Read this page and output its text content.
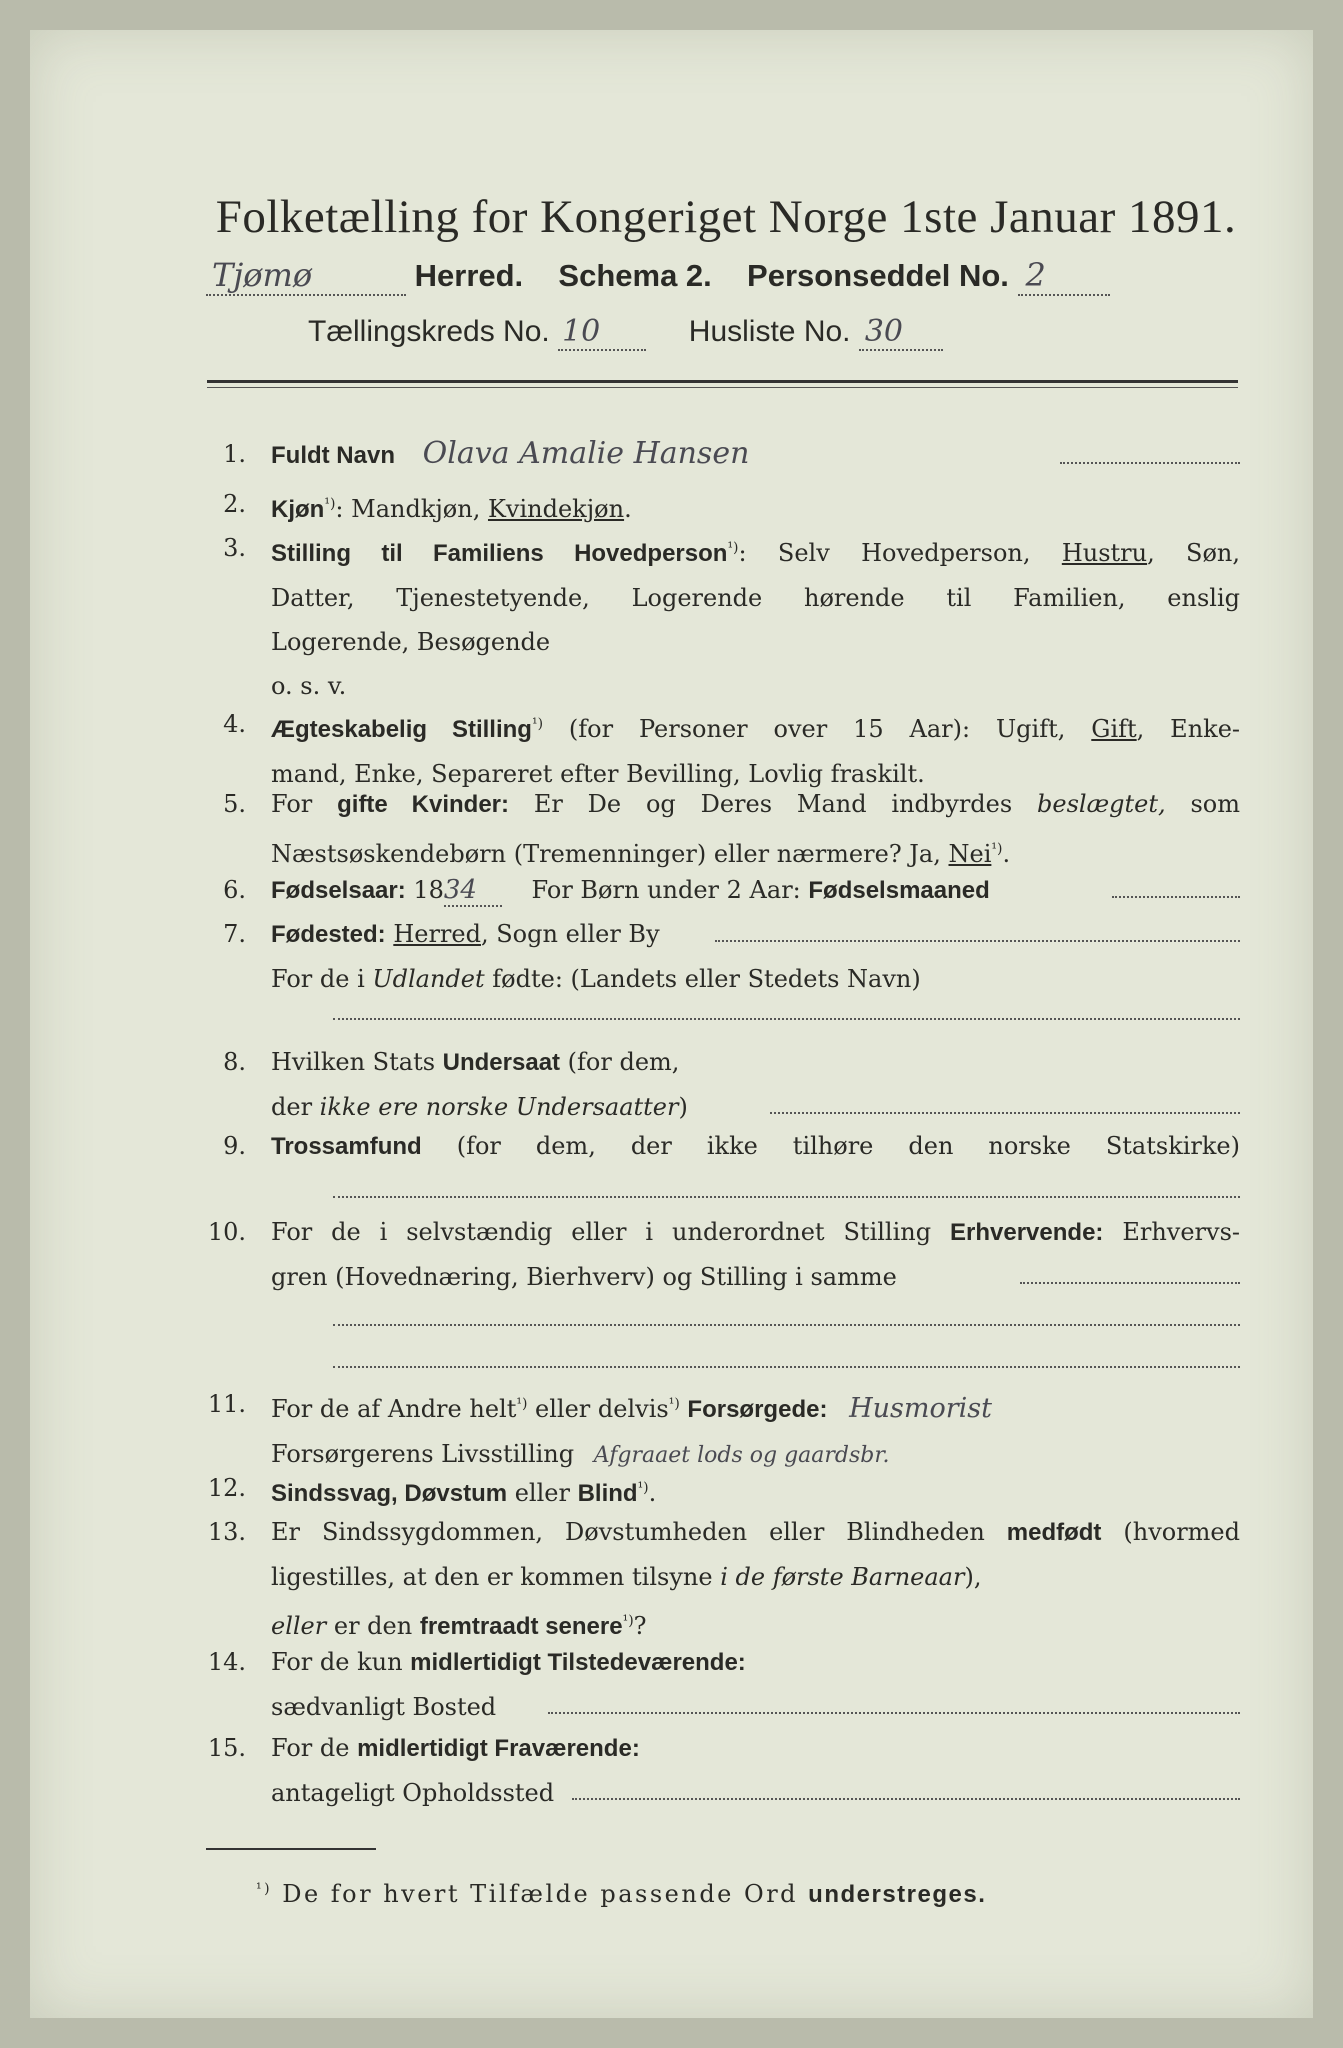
Folketælling for Kongeriget Norge 1ste Januar 1891.
Tjømø	Herred. Schema 2. Personseddel No. 2
Tællingskreds No. 10	Husliste No. 30
1. Fuldt Navn Olava Amalie Hansen
2. Kjøn$^{^1)}$: Mandkjøn, Kvindekjøn.
3. Stilling til Familiens Hovedperson$^{^1)}$: Selv Hovedperson, Hustru, Søn,
Datter, Tjenestetyende, Logerende hørende til Familien, enslig
Logerende, Besøgende
o. s. v.
4. Ægteskabelig Stilling$^{^1)}$ (for Personer over 15 Aar): Ugift, Gift, Enke-
mand, Enke, Separeret efter Bevilling, Lovlig fraskilt.
5. For gifte Kvinder: Er De og Deres Mand indbyrdes beslægtet, som
Næstsøskendebørn (Tremenninger) eller nærmere? Ja, Nei$^{^1)}$.
6. Fødselsaar: 1834 For Børn under 2 Aar: Fødselsmaaned
7. Fødested: Herred, Sogn eller By
For de i Udlandet fødte: (Landets eller Stedets Navn)
8. Hvilken Stats Undersaat (for dem,
der ikke ere norske Undersaatter)
9. Trossamfund (for dem, der ikke tilhøre den norske Statskirke)
10. For de i selvstændig eller i underordnet Stilling Erhvervende: Erhvervs-
gren (Hovednæring, Bierhverv) og Stilling i samme
11. For de af Andre helt$^{^1)}$ eller delvis$^{^1)}$ Forsørgede: Husmorist
Forsørgerens Livsstilling Afgraaet lods og gaardsbr.
12. Sindssvag, Døvstum eller Blind$^{^1)}$.
13. Er Sindssygdommen, Døvstumheden eller Blindheden medfødt (hvormed
ligestilles, at den er kommen tilsyne i de første Barneaar),
eller er den fremtraadt senere$^{^1)}$?
14. For de kun midlertidigt Tilstedeværende:
sædvanligt Bosted
15. For de midlertidigt Fraværende:
antageligt Opholdssted
$^{^1)}$ De for hvert Tilfælde passende Ord understreges.
